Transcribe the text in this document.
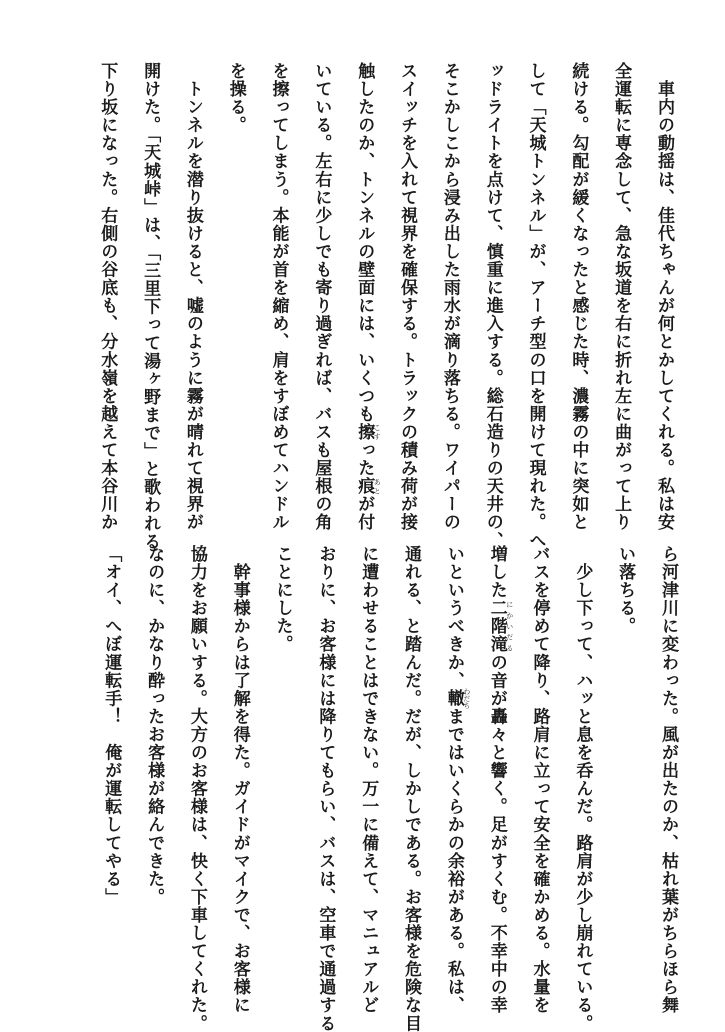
　車内の動揺は、佳代ちゃんが何とかしてくれる。私は安
全運転に専念して、急な坂道を右に折れ左に曲がって上り
続ける。勾配が緩くなったと感じた時、濃霧の中に突如と
して「天城トンネル」が、アーチ型の口を開けて現れた。へ
ッドライトを点けて、慎重に進入する。総石造りの天井の、
そこかしこから浸み出した雨水が滴り落ちる。ワイパーの
スイッチを入れて視界を確保する。トラックの積み荷が接
触したのか、トンネルの壁面には、いくつも擦 こすった痕 あとが付
いている。左右に少しでも寄り過ぎれば、バスも屋根の角
を擦ってしまう。本能が首を縮め、肩をすぼめてハンドル
を操る。
　トンネルを潜り抜けると、嘘のように霧が晴れて視界が
開けた。「天城峠」は、「三里下って湯ヶ野まで」と歌われる
下り坂になった。右側の谷底も、分水嶺を越えて本谷川か
ら河津川に変わった。風が出たのか、枯れ葉がちらほら舞
い落ちる。
　少し下って、ハッと息を呑んだ。路肩が少し崩れている。
バスを停めて降り、路肩に立って安全を確かめる。水量を
増した二階滝 にかいだるの音が轟々と響く。足がすくむ。不幸中の幸
いというべきか、轍 わだちまではいくらかの余裕がある。私は、
通れる、と踏んだ。だが、しかしである。お客様を危険な目
に遭わせることはできない。万一に備えて、マニュアルど
おりに、お客様には降りてもらい、バスは、空車で通過する
ことにした。
　幹事様からは了解を得た。ガイドがマイクで、お客様に
協力をお願いする。大方のお客様は、快く下車してくれた。
なのに、かなり酔ったお客様が絡んできた。
「オイ、へぼ運転手！　俺が運転してやる」
